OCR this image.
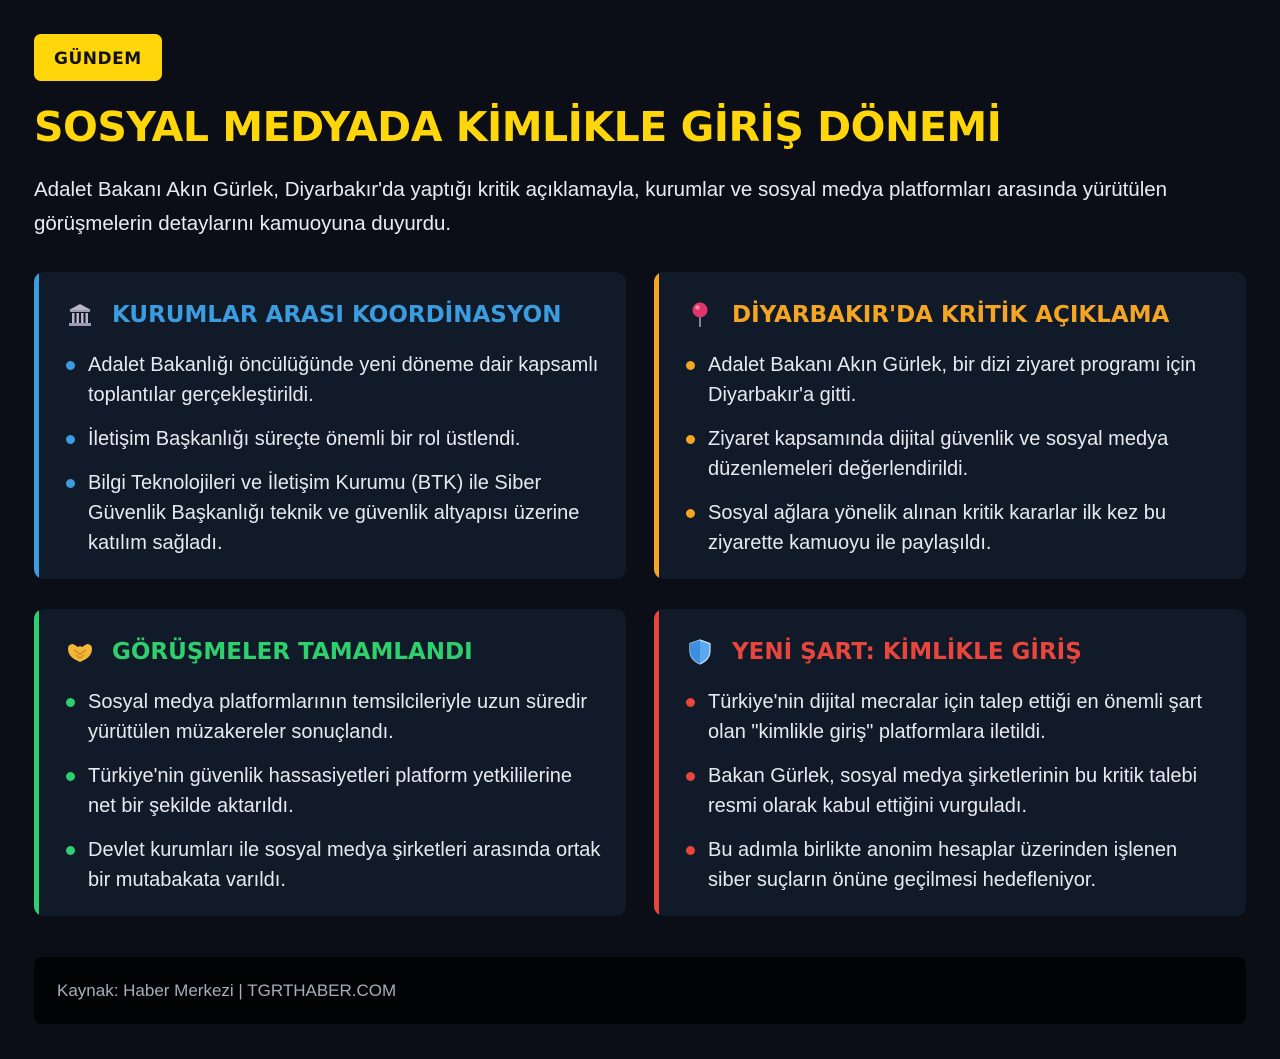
GÜNDEM
SOSYAL MEDYADA KİMLİKLE GİRİŞ DÖNEMİ

Adalet Bakanı Akın Gürlek, Diyarbakır'da yaptığı kritik açıklamayla, kurumlar ve sosyal medya platformları arasında yürütülen görüşmelerin detaylarını kamuoyuna duyurdu.

KURUMLAR ARASI KOORDİNASYON
Adalet Bakanlığı öncülüğünde yeni döneme dair kapsamlı toplantılar gerçekleştirildi.
İletişim Başkanlığı süreçte önemli bir rol üstlendi.
Bilgi Teknolojileri ve İletişim Kurumu (BTK) ile Siber Güvenlik Başkanlığı teknik ve güvenlik altyapısı üzerine katılım sağladı.
DİYARBAKIR'DA KRİTİK AÇIKLAMA
Adalet Bakanı Akın Gürlek, bir dizi ziyaret programı için Diyarbakır'a gitti.
Ziyaret kapsamında dijital güvenlik ve sosyal medya düzenlemeleri değerlendirildi.
Sosyal ağlara yönelik alınan kritik kararlar ilk kez bu ziyarette kamuoyu ile paylaşıldı.
GÖRÜŞMELER TAMAMLANDI
Sosyal medya platformlarının temsilcileriyle uzun süredir yürütülen müzakereler sonuçlandı.
Türkiye'nin güvenlik hassasiyetleri platform yetkililerine net bir şekilde aktarıldı.
Devlet kurumları ile sosyal medya şirketleri arasında ortak bir mutabakata varıldı.
YENİ ŞART: KİMLİKLE GİRİŞ
Türkiye'nin dijital mecralar için talep ettiği en önemli şart olan "kimlikle giriş" platformlara iletildi.
Bakan Gürlek, sosyal medya şirketlerinin bu kritik talebi resmi olarak kabul ettiğini vurguladı.
Bu adımla birlikte anonim hesaplar üzerinden işlenen siber suçların önüne geçilmesi hedefleniyor.
Kaynak: Haber Merkezi | TGRTHABER.COM
